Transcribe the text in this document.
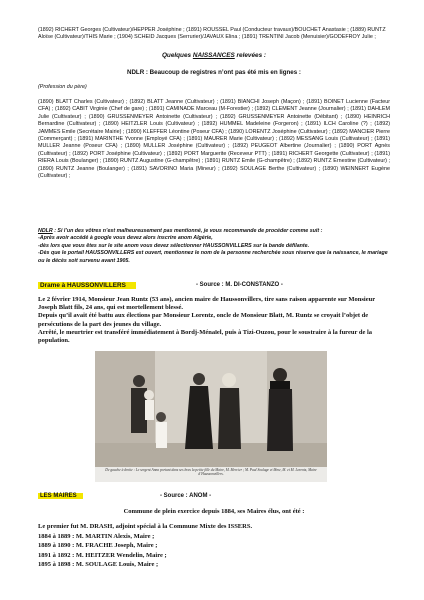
(1892) RICHERT Georges (Cultivateur)/HEPPER Joséphine ; (1891) ROUSSEL Paul (Conducteur travaux)/BOUCHET Anastasie ; (1889) RUNTZ
Aloïse (Cultivateur)/THIS Marie ; (1904) SCHEID Jacques (Serrurier)/JAVAUX Elina ; (1891) TRENTINI Jacob (Menuisier)/GODEFROY Julie ;

Quelques NAISSANCES relevées :

NDLR : Beaucoup de registres n’ont pas été mis en lignes :

(Profession du père)

(1890) BLATT Charles (Cultivateur) ; (1892) BLATT Jeanne (Cultivateur) ; (1891) BIANCHI Joseph (Maçon) ; (1891) BOINET Lucienne (Facteur CFA) ; (1892) CABIT Virginie (Chef de gare) ; (1891) CAMINADE Marceau (M-Forestier) ; (1892) CLEMENT Jeanne (Journalier) ; (1891) DAHLEM Julie (Cultivateur) ; (1890) GRUSSENMEYER Antoinette (Cultivateur) ; (1892) GRUSSENMEYER Antoinette (Débitant) ; (1890) HEINRICH Bernardine (Cultivateur) ; (1890) HEITZLER Louis (Cultivateur) ; (1892) HUMMEL Madeleine (Forgeron) ; (1891) ILCH Caroline (?) ; (1892) JAMMES Emile (Secrétaire Mairie) ; (1890) KLEFFER Léontine (Poseur CFA) ; (1890) LORENTZ Joséphine (Cultivateur) ; (1892) MANCIER Pierre (Commerçant) ; (1891) MARINTHE Yvonne (Employé CFA) ; (1891) MAURER Marie (Cultivateur) ; (1892) MESSANG Louis (Cultivateur) ; (1891) MULLER Jeanne (Poseur CFA) ; (1890) MULLER Joséphine (Cultivateur) ; (1892) PEUGEOT Albertine (Journalier) ; (1890) PORT Agnès (Cultivateur) ; (1892) PORT Joséphine (Cultivateur) ; (1892) PORT Marguerite (Receveur PTT) ; (1891) RICHERT Georgette (Cultivateur) ; (1891) RIERA Louis (Boulanger) ; (1890) RUNTZ Augustine (G-champêtre) ; (1891) RUNTZ Emile (G-champêtre) ; (1892) RUNTZ Ernestine (Cultivateur) ; (1890) RUNTZ Jeanne (Boulanger) ; (1891) SAVORINO Maria (Mineur) ; (1892) SOULAGE Berthe (Cultivateur) ; (1890) WEINNERT Eugène (Cultivateur) ;

NDLR : Si l’un des vôtres n’est malheureusement pas mentionné, je vous recommande de procéder comme suit :
-Après avoir accédé à google vous devez alors inscrire anom Algérie,
-dès lors que vous êtes sur le site anom vous devez sélectionner HAUSSONVILLERS sur la bande défilante.
-Dès que le portail HAUSSONVILLERS est ouvert, mentionnez le nom de la personne recherchée sous réserve que la naissance, le mariage ou le décès soit survenu avant 1905.
Drame à HAUSSONVILLERS	- Source : M. DI-CONSTANZO -
Le 2 février 1914, Monsieur Jean Runtz (53 ans), ancien maire de Haussonvillers, tire sans raison apparente sur Monsieur Joseph Blatt fils, 24 ans, qui est mortellement blessé.
Depuis qu’il avait été battu aux élections par Monsieur Lorentz, oncle de Monsieur Blatt, M. Runtz se croyait l’objet de persécutions de la part des jeunes du village.
Arrêté, le meurtrier est transféré immédiatement à Bordj-Ménaïel, puis à Tizi-Ouzou, pour le soustraire à la fureur de la population.
De gauche à droite : Le sergent Anna portant dans ses bras la petite fille du Maire, M. Mercier ; M. Paul Soulage et Mme, M. et M. Lorentz, Maire d’Haussonvillers.
LES MAIRES	- Source : ANOM -
Commune de plein exercice depuis 1884, ses Maires élus, ont été :
Le premier fut M. DRASH, adjoint spécial à la Commune Mixte des ISSERS.
1884 à 1889 : M. MARTIN Alexis, Maire ;
1889 à 1890 : M. FRACHE Joseph, Maire ;
1891 à 1892 : M. HEITZER Wendelin, Maire ;
1895 à 1898 : M. SOULAGE Louis, Maire ;
